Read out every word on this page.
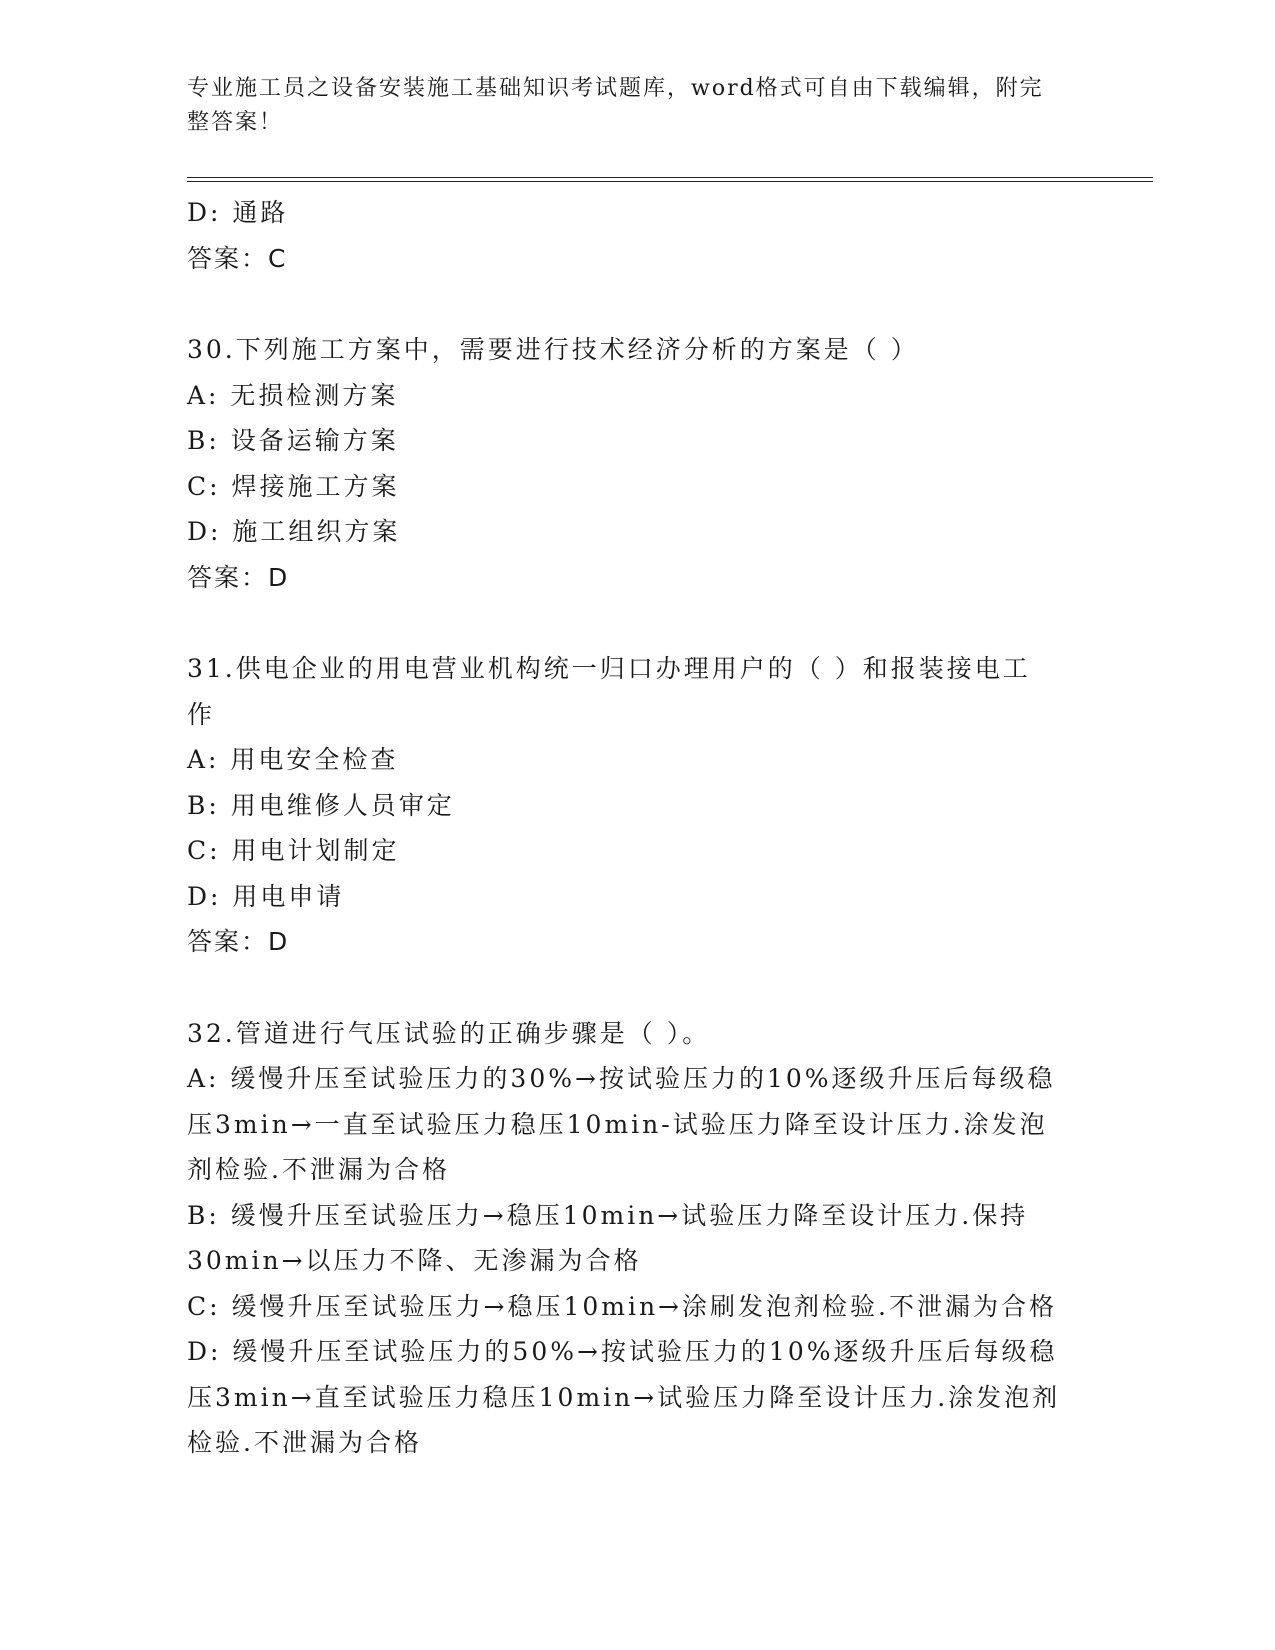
专业施工员之设备安装施工基础知识考试题库，word格式可自由下载编辑，附完
整答案！

D: 通路

答案：C

30.下列施工方案中，需要进行技术经济分析的方案是（ ）

A: 无损检测方案

B: 设备运输方案

C: 焊接施工方案

D: 施工组织方案

答案：D

31.供电企业的用电营业机构统一归口办理用户的（ ）和报装接电工

作

A: 用电安全检查

B: 用电维修人员审定

C: 用电计划制定

D: 用电申请

答案：D

32.管道进行气压试验的正确步骤是（ ）。

A: 缓慢升压至试验压力的30%→按试验压力的10%逐级升压后每级稳

压3min→一直至试验压力稳压10min-试验压力降至设计压力.涂发泡

剂检验.不泄漏为合格

B: 缓慢升压至试验压力→稳压10min→试验压力降至设计压力.保持

30min→以压力不降、无渗漏为合格

C: 缓慢升压至试验压力→稳压10min→涂刷发泡剂检验.不泄漏为合格

D: 缓慢升压至试验压力的50%→按试验压力的10%逐级升压后每级稳

压3min→直至试验压力稳压10min→试验压力降至设计压力.涂发泡剂

检验.不泄漏为合格
